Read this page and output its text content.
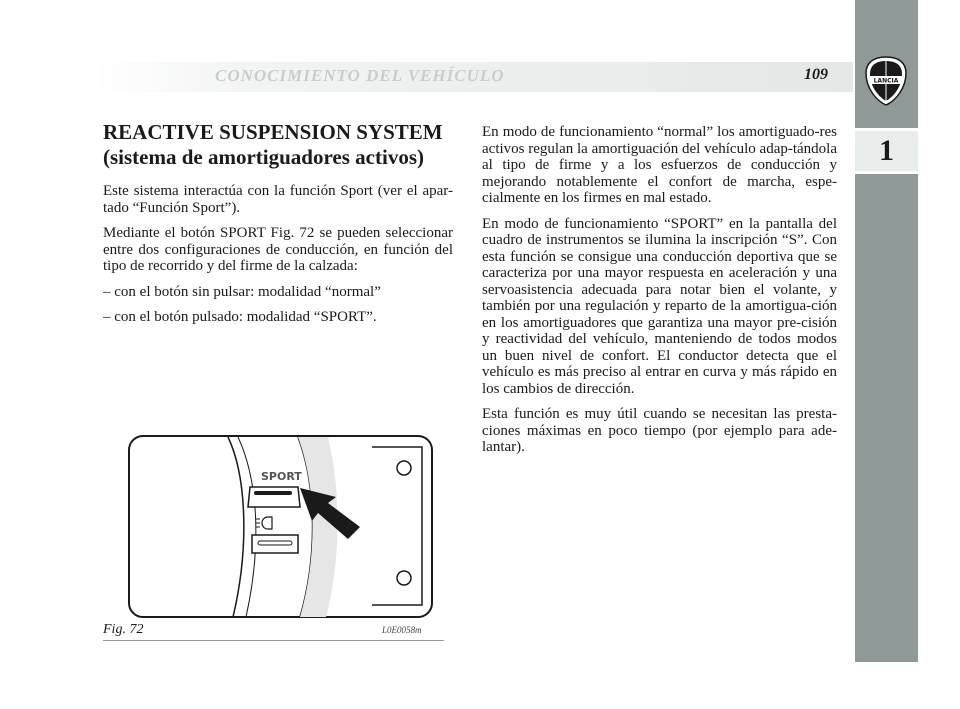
CONOCIMIENTO DEL VEHÍCULO	109	LANCIA
1
REACTIVE SUSPENSION SYSTEM
(sistema de amortiguadores activos)

Este sistema interactúa con la función Sport (ver el apar-tado “Función Sport”).

Mediante el botón SPORT Fig. 72 se pueden seleccionar entre dos configuraciones de conducción, en función del tipo de recorrido y del firme de la calzada:

– con el botón sin pulsar: modalidad “normal”

– con el botón pulsado: modalidad “SPORT”.

En modo de funcionamiento “normal” los amortiguado-res activos regulan la amortiguación del vehículo adap-tándola al tipo de firme y a los esfuerzos de conducción y mejorando notablemente el confort de marcha, espe-cialmente en los firmes en mal estado.

En modo de funcionamiento “SPORT” en la pantalla del cuadro de instrumentos se ilumina la inscripción “S”. Con esta función se consigue una conducción deportiva que se caracteriza por una mayor respuesta en aceleración y una servoasistencia adecuada para notar bien el volante, y también por una regulación y reparto de la amortigua-ción en los amortiguadores que garantiza una mayor pre-cisión y reactividad del vehículo, manteniendo de todos modos un buen nivel de confort. El conductor detecta que el vehículo es más preciso al entrar en curva y más rápido en los cambios de dirección.

Esta función es muy útil cuando se necesitan las presta-ciones máximas en poco tiempo (por ejemplo para ade-lantar).

SPORT
Fig. 72	L0E0058m
